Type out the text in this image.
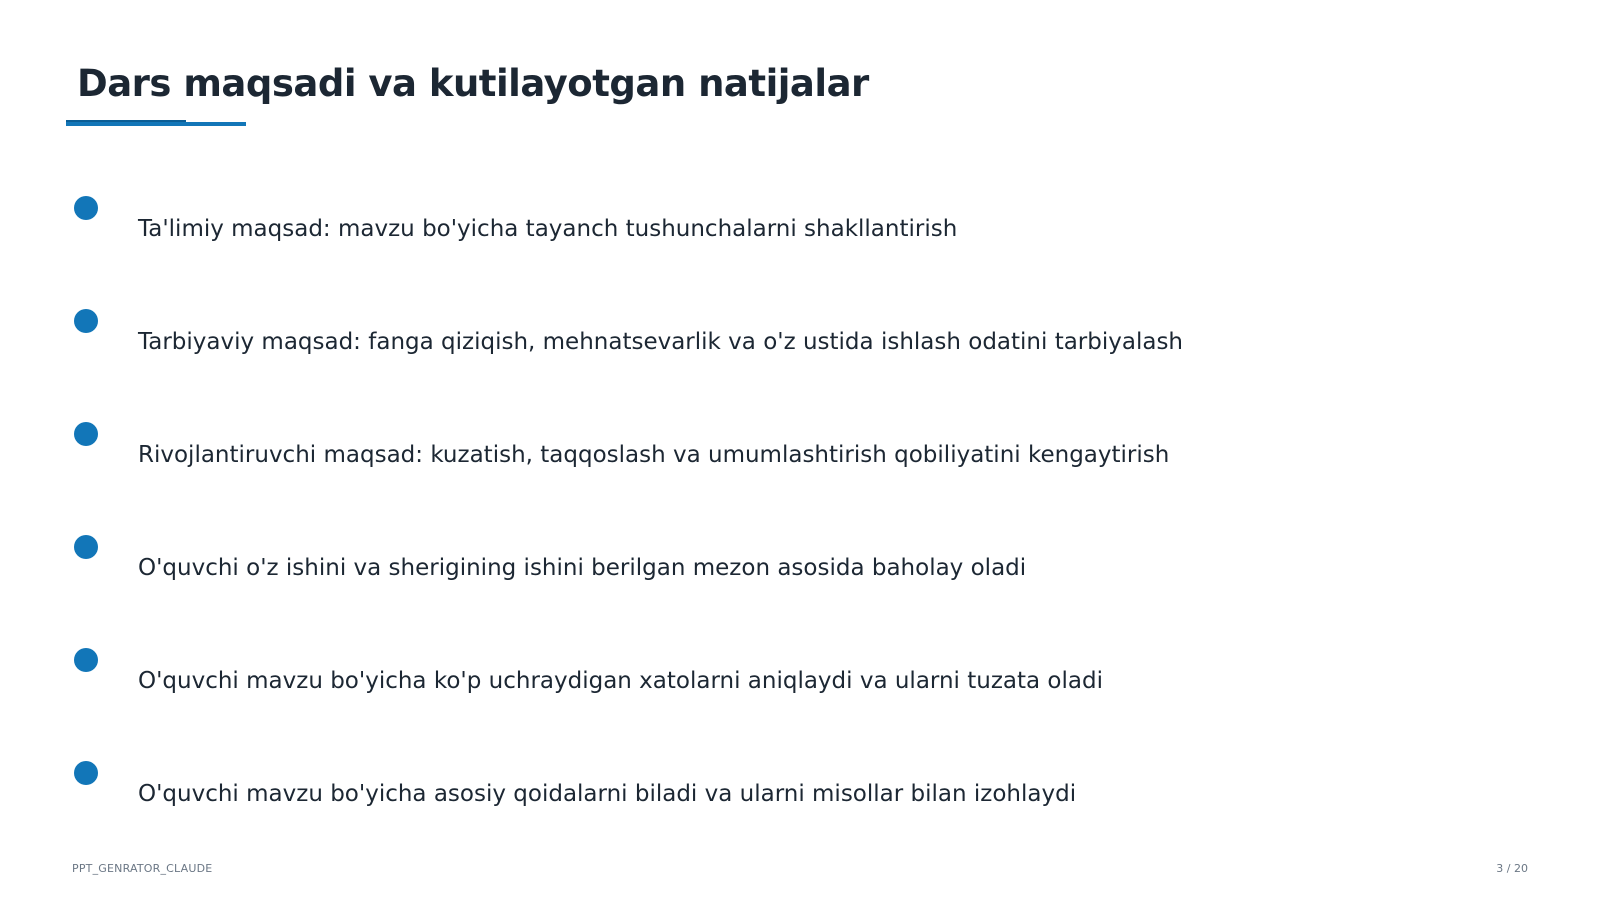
Dars maqsadi va kutilayotgan natijalar
Ta'limiy maqsad: mavzu bo'yicha tayanch tushunchalarni shakllantirish
Tarbiyaviy maqsad: fanga qiziqish, mehnatsevarlik va o'z ustida ishlash odatini tarbiyalash
Rivojlantiruvchi maqsad: kuzatish, taqqoslash va umumlashtirish qobiliyatini kengaytirish
O'quvchi o'z ishini va sherigining ishini berilgan mezon asosida baholay oladi
O'quvchi mavzu bo'yicha ko'p uchraydigan xatolarni aniqlaydi va ularni tuzata oladi
O'quvchi mavzu bo'yicha asosiy qoidalarni biladi va ularni misollar bilan izohlaydi
PPT_GENRATOR_CLAUDE	3 / 20
